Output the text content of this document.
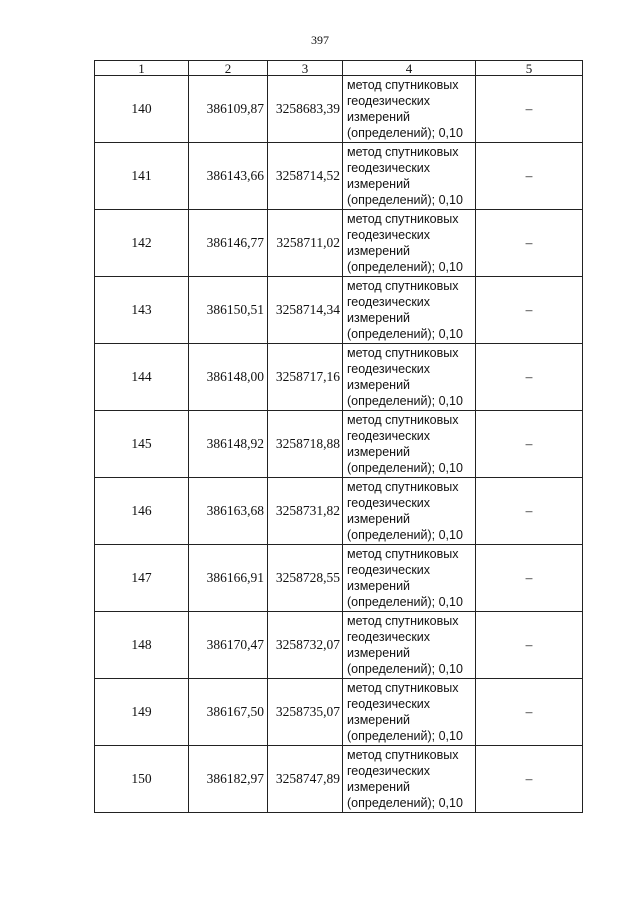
397
1	2	3	4	5
140	386109,87	3258683,39	метод спутниковых геодезических измерений (определений); 0,10	–
141	386143,66	3258714,52	метод спутниковых геодезических измерений (определений); 0,10	–
142	386146,77	3258711,02	метод спутниковых геодезических измерений (определений); 0,10	–
143	386150,51	3258714,34	метод спутниковых геодезических измерений (определений); 0,10	–
144	386148,00	3258717,16	метод спутниковых геодезических измерений (определений); 0,10	–
145	386148,92	3258718,88	метод спутниковых геодезических измерений (определений); 0,10	–
146	386163,68	3258731,82	метод спутниковых геодезических измерений (определений); 0,10	–
147	386166,91	3258728,55	метод спутниковых геодезических измерений (определений); 0,10	–
148	386170,47	3258732,07	метод спутниковых геодезических измерений (определений); 0,10	–
149	386167,50	3258735,07	метод спутниковых геодезических измерений (определений); 0,10	–
150	386182,97	3258747,89	метод спутниковых геодезических измерений (определений); 0,10	–
